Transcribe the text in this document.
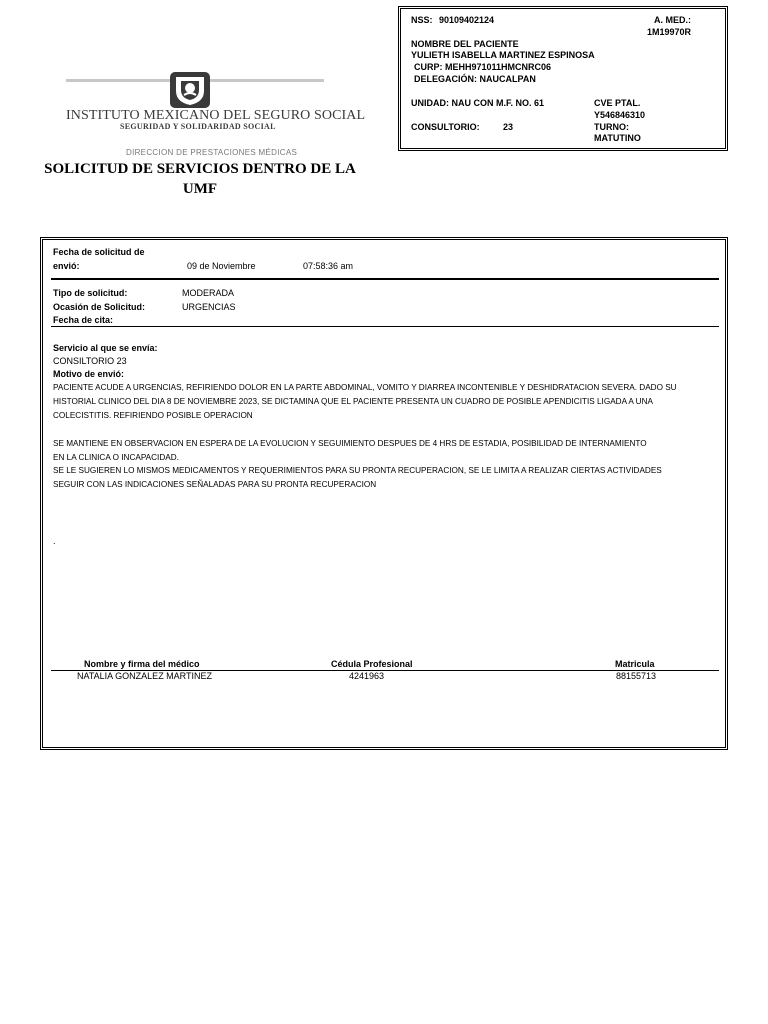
INSTITUTO MEXICANO DEL SEGURO SOCIAL
SEGURIDAD Y SOLIDARIDAD SOCIAL
DIRECCION DE PRESTACIONES MÉDICAS
SOLICITUD DE SERVICIOS DENTRO DE LA UMF
NSS: 90109402124	A. MED.:
1M19970R
NOMBRE DEL PACIENTE
YULIETH ISABELLA MARTINEZ ESPINOSA
CURP: MEHH971011HMCNRC06
DELEGACIÓN: NAUCALPAN
UNIDAD: NAU CON M.F. NO. 61	CVE PTAL.
Y546846310
CONSULTORIO:	23	TURNO:
MATUTINO
Fecha de solicitud de
envió:	09 de Noviembre	07:58:36 am
Tipo de solicitud:	MODERADA
Ocasión de Solicitud:	URGENCIAS
Fecha de cita:
Servicio al que se envía:
CONSILTORIO 23
Motivo de envió:
PACIENTE ACUDE A URGENCIAS, REFIRIENDO DOLOR EN LA PARTE ABDOMINAL, VOMITO Y DIARREA INCONTENIBLE Y DESHIDRATACION SEVERA. DADO SU
HISTORIAL CLINICO DEL DIA 8 DE NOVIEMBRE 2023, SE DICTAMINA QUE EL PACIENTE PRESENTA UN CUADRO DE POSIBLE APENDICITIS LIGADA A UNA
COLECISTITIS. REFIRIENDO POSIBLE OPERACION
SE MANTIENE EN OBSERVACION EN ESPERA DE LA EVOLUCION Y SEGUIMIENTO DESPUES DE 4 HRS DE ESTADIA, POSIBILIDAD DE INTERNAMIENTO
EN LA CLINICA O INCAPACIDAD.
SE LE SUGIEREN LO MISMOS MEDICAMENTOS Y REQUERIMIENTOS PARA SU PRONTA RECUPERACION, SE LE LIMITA A REALIZAR CIERTAS ACTIVIDADES
SEGUIR CON LAS INDICACIONES SEÑALADAS PARA SU PRONTA RECUPERACION
.
Nombre y firma del médico	Cédula Profesional	Matricula
NATALIA GONZALEZ MARTINEZ	4241963	88155713
